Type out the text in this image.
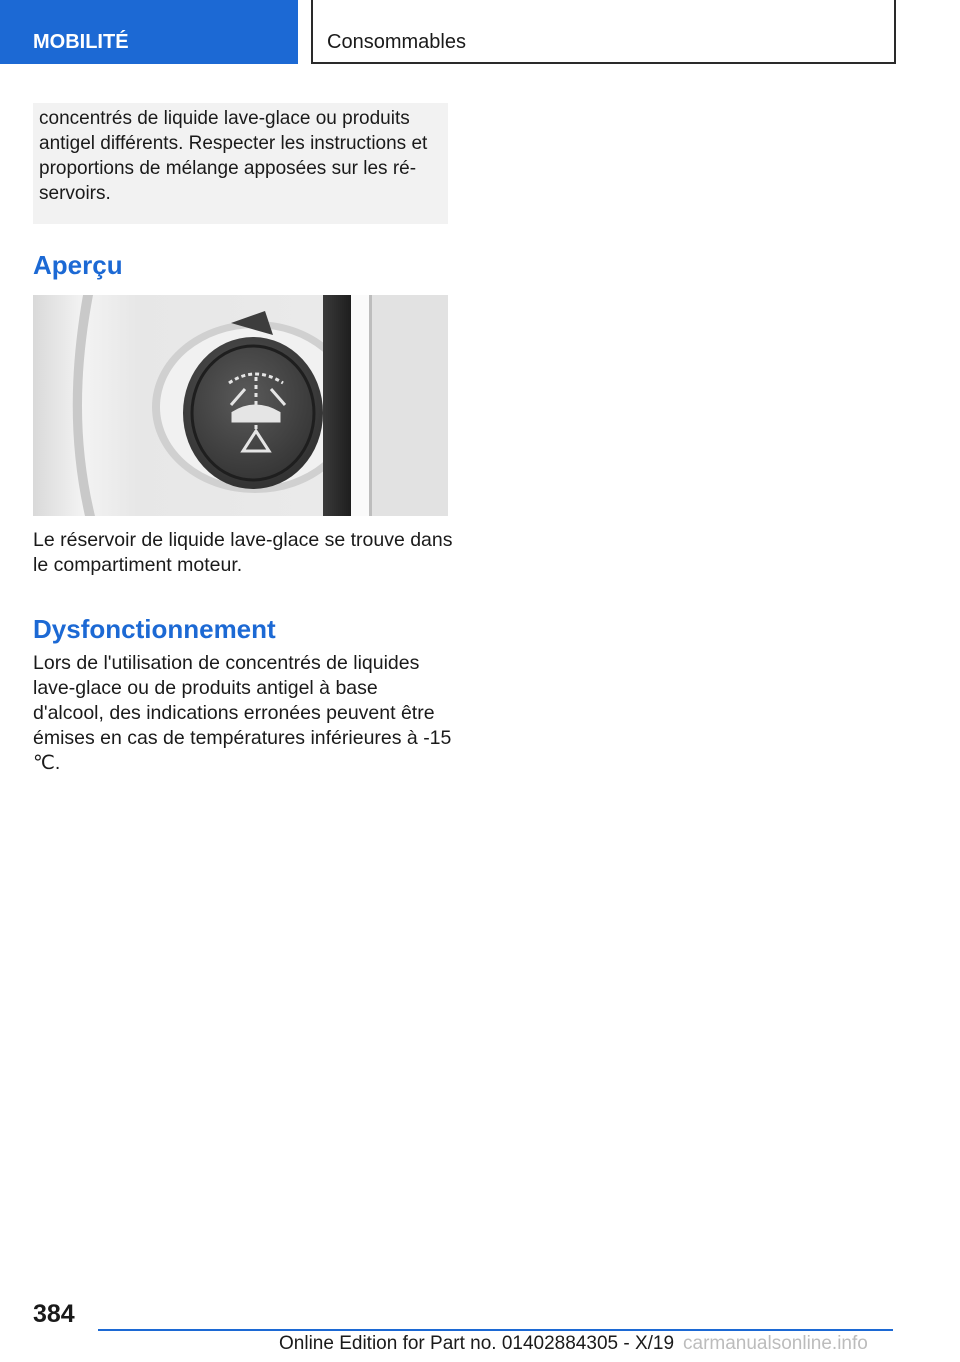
MOBILITÉ	Consommables
concentrés de liquide lave-glace ou produits antigel différents. Respecter les instructions et proportions de mélange apposées sur les réservoirs.
Aperçu

Le réservoir de liquide lave-glace se trouve dans le compartiment moteur.

Dysfonctionnement

Lors de l'utilisation de concentrés de liquides lave-glace ou de produits antigel à base d'alcool, des indications erronées peuvent être émises en cas de températures inférieures à -15 ℃.

384
Online Edition for Part no. 01402884305 - X/19 carmanualsonline.info
